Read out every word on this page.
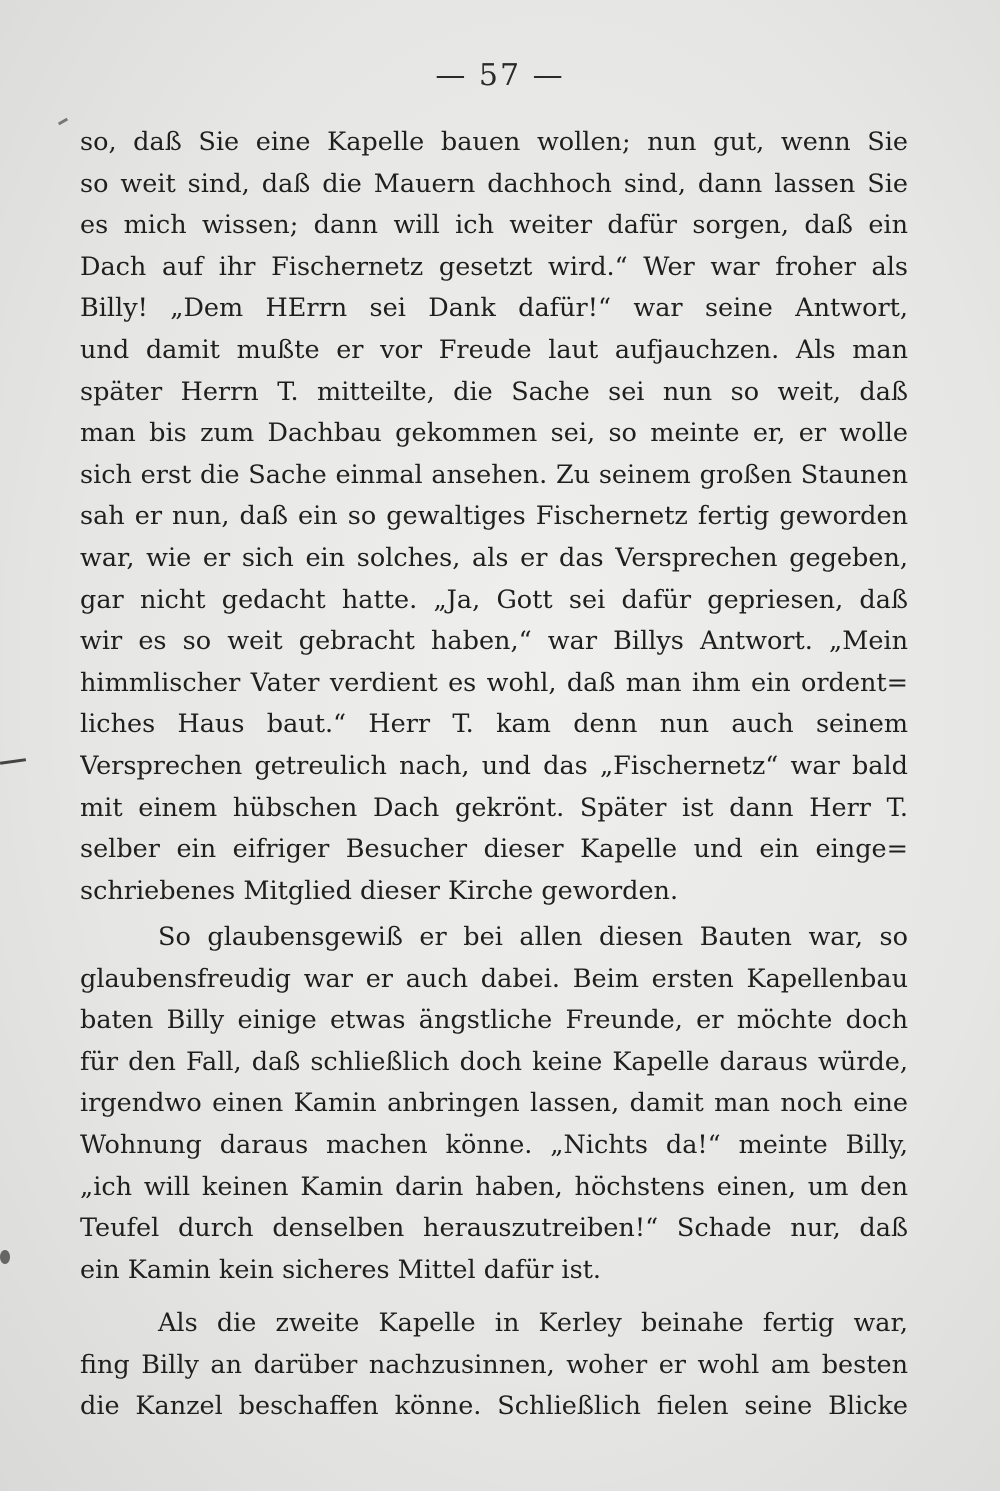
— 57 —
so, daß Sie eine Kapelle bauen wollen; nun gut, wenn Sie
so weit sind, daß die Mauern dachhoch sind, dann lassen Sie
es mich wissen; dann will ich weiter dafür sorgen, daß ein
Dach auf ihr Fischernetz gesetzt wird.“ Wer war froher als
Billy! „Dem HErrn sei Dank dafür!“ war seine Antwort,
und damit mußte er vor Freude laut aufjauchzen. Als man
später Herrn T. mitteilte, die Sache sei nun so weit, daß
man bis zum Dachbau gekommen sei, so meinte er, er wolle
sich erst die Sache einmal ansehen. Zu seinem großen Staunen
sah er nun, daß ein so gewaltiges Fischernetz fertig geworden
war, wie er sich ein solches, als er das Versprechen gegeben,
gar nicht gedacht hatte. „Ja, Gott sei dafür gepriesen, daß
wir es so weit gebracht haben,“ war Billys Antwort. „Mein
himmlischer Vater verdient es wohl, daß man ihm ein ordent=
liches Haus baut.“ Herr T. kam denn nun auch seinem
Versprechen getreulich nach, und das „Fischernetz“ war bald
mit einem hübschen Dach gekrönt. Später ist dann Herr T.
selber ein eifriger Besucher dieser Kapelle und ein einge=
schriebenes Mitglied dieser Kirche geworden.
So glaubensgewiß er bei allen diesen Bauten war, so
glaubensfreudig war er auch dabei. Beim ersten Kapellenbau
baten Billy einige etwas ängstliche Freunde, er möchte doch
für den Fall, daß schließlich doch keine Kapelle daraus würde,
irgendwo einen Kamin anbringen lassen, damit man noch eine
Wohnung daraus machen könne. „Nichts da!“ meinte Billy,
„ich will keinen Kamin darin haben, höchstens einen, um den
Teufel durch denselben herauszutreiben!“ Schade nur, daß
ein Kamin kein sicheres Mittel dafür ist.
Als die zweite Kapelle in Kerley beinahe fertig war,
fing Billy an darüber nachzusinnen, woher er wohl am besten
die Kanzel beschaffen könne. Schließlich fielen seine Blicke
